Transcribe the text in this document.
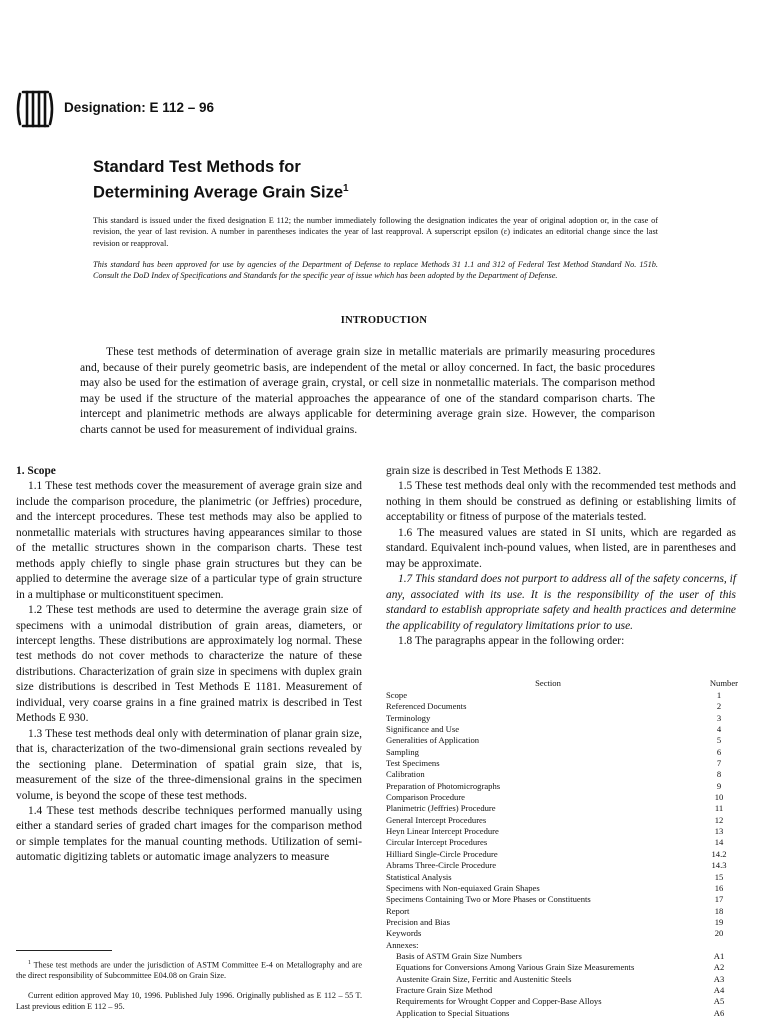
Designation: E 112 – 96
Standard Test Methods for
Determining Average Grain Size$^1$
This standard is issued under the fixed designation E 112; the number immediately following the designation indicates the year of original adoption or, in the case of revision, the year of last revision. A number in parentheses indicates the year of last reapproval. A superscript epsilon (ε) indicates an editorial change since the last revision or reapproval.
This standard has been approved for use by agencies of the Department of Defense to replace Methods 31 1.1 and 312 of Federal Test Method Standard No. 151b. Consult the DoD Index of Specifications and Standards for the specific year of issue which has been adopted by the Department of Defense.
INTRODUCTION
These test methods of determination of average grain size in metallic materials are primarily measuring procedures and, because of their purely geometric basis, are independent of the metal or alloy concerned. In fact, the basic procedures may also be used for the estimation of average grain, crystal, or cell size in nonmetallic materials. The comparison method may be used if the structure of the material approaches the appearance of one of the standard comparison charts. The intercept and planimetric methods are always applicable for determining average grain size. However, the comparison charts cannot be used for measurement of individual grains.
1. Scope

1.1 These test methods cover the measurement of average grain size and include the comparison procedure, the planimetric (or Jeffries) procedure, and the intercept procedures. These test methods may also be applied to nonmetallic materials with structures having appearances similar to those of the metallic structures shown in the comparison charts. These test methods apply chiefly to single phase grain structures but they can be applied to determine the average size of a particular type of grain structure in a multiphase or multiconstituent specimen.

1.2 These test methods are used to determine the average grain size of specimens with a unimodal distribution of grain areas, diameters, or intercept lengths. These distributions are approximately log normal. These test methods do not cover methods to characterize the nature of these distributions. Characterization of grain size in specimens with duplex grain size distributions is described in Test Methods E 1181. Measurement of individual, very coarse grains in a fine grained matrix is described in Test Methods E 930.

1.3 These test methods deal only with determination of planar grain size, that is, characterization of the two-dimensional grain sections revealed by the sectioning plane. Determination of spatial grain size, that is, measurement of the size of the three-dimensional grains in the specimen volume, is beyond the scope of these test methods.

1.4 These test methods describe techniques performed manually using either a standard series of graded chart images for the comparison method or simple templates for the manual counting methods. Utilization of semi-automatic digitizing tablets or automatic image analyzers to measure

grain size is described in Test Methods E 1382.

1.5 These test methods deal only with the recommended test methods and nothing in them should be construed as defining or establishing limits of acceptability or fitness of purpose of the materials tested.

1.6 The measured values are stated in SI units, which are regarded as standard. Equivalent inch-pound values, when listed, are in parentheses and may be approximate.

1.7 This standard does not purport to address all of the safety concerns, if any, associated with its use. It is the responsibility of the user of this standard to establish appropriate safety and health practices and determine the applicability of regulatory limitations prior to use.

1.8 The paragraphs appear in the following order:

Section	Number
Scope	1
Referenced Documents	2
Terminology	3
Significance and Use	4
Generalities of Application	5
Sampling	6
Test Specimens	7
Calibration	8
Preparation of Photomicrographs	9
Comparison Procedure	10
Planimetric (Jeffries) Procedure	11
General Intercept Procedures	12
Heyn Linear Intercept Procedure	13
Circular Intercept Procedures	14
Hilliard Single-Circle Procedure	14.2
Abrams Three-Circle Procedure	14.3
Statistical Analysis	15
Specimens with Non-equiaxed Grain Shapes	16
Specimens Containing Two or More Phases or Constituents	17
Report	18
Precision and Bias	19
Keywords	20
Annexes:
Basis of ASTM Grain Size Numbers	A1
Equations for Conversions Among Various Grain Size Measurements	A2
Austenite Grain Size, Ferritic and Austenitic Steels	A3
Fracture Grain Size Method	A4
Requirements for Wrought Copper and Copper-Base Alloys	A5
Application to Special Situations	A6
$^1$ These test methods are under the jurisdiction of ASTM Committee E-4 on Metallography and are the direct responsibility of Subcommittee E04.08 on Grain Size.
Current edition approved May 10, 1996. Published July 1996. Originally published as E 112 – 55 T. Last previous edition E 112 – 95.
